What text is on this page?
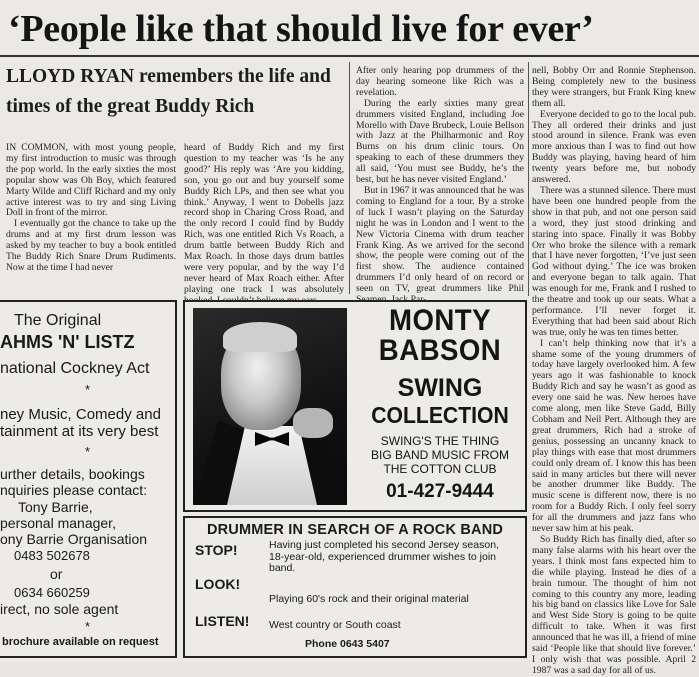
‘People like that should live for ever’
LLOYD RYAN remembers the life and
times of the great Buddy Rich

IN COMMON, with most young people, my first introduction to music was through the pop world. In the early sixties the most popular show was Oh Boy, which featured Marty Wilde and Cliff Richard and my only active interest was to try and sing Living Doll in front of the mirror.

I eventually got the chance to take up the drums and at my first drum lesson was asked by my teacher to buy a book entitled The Buddy Rich Snare Drum Rudiments. Now at the time I had never

heard of Buddy Rich and my first question to my teacher was ‘Is he any good?’ His reply was ‘Are you kidding, son, you go out and buy yourself some Buddy Rich LPs, and then see what you think.’ Anyway, I went to Dobells jazz record shop in Charing Cross Road, and the only record I could find by Buddy Rich, was one entitled Rich Vs Roach, a drum battle between Buddy Rich and Max Roach. In those days drum battles were very popular, and by the way I’d never heard of Max Roach either. After playing one track I was absolutely

After only hearing pop drummers of the day hearing someone like Rich was a revelation.

During the early sixties many great drummers visited England, including Joe Morello with Dave Brubeck, Louie Bellson with Jazz at the Philharmonic and Roy Burns on his drum clinic tours. On speaking to each of these drummers they all said, ‘You must see Buddy, he’s the best, but he has never visited England.’

But in 1967 it was announced that he was coming to England for a tour. By a stroke of luck I wasn’t playing on the Saturday night he was in London and I went to the New Victoria Cinema with drum teacher Frank King. As we arrived for the second show, the people were coming out of the first show. The audience contained drummers I’d only heard of on record or seen on TV, great drummers like Phil

nell, Bobby Orr and Ronnie Stephenson. Being completely new to the business they were strangers, but Frank King knew them all.

Everyone decided to go to the local pub. They all ordered their drinks and just stood around in silence. Frank was even more anxious than I was to find out how Buddy was playing, having heard of him twenty years before me, but nobody answered.

There was a stunned silence. There must have been one hundred people from the show in that pub, and not one person said a word, they just stood drinking and staring into space. Finally it was Bobby Orr who broke the silence with a remark that I have never forgotten, ‘I’ve just seen God without dying.’ The ice was broken and everyone began to talk again. That was enough for me, Frank and I rushed to the theatre and took up our seats. What a performance. I’ll never forget it. Everything that had been said about Rich was true, only he was ten times better.

I can’t help thinking now that it’s a shame some of the young drummers of today have largely overlooked him. A few years ago it was fashionable to knock Buddy Rich and say he wasn’t as good as every one said he was. New heroes have come along, men like Steve Gadd, Billy Cobham and Neil Pert. Although they are great drummers, Rich had a stroke of genius, possessing an uncanny knack to play things with ease that most drummers could only dream of. I know this has been said in many articles but there will never be another drummer like Buddy. The music scene is different now, there is no room for a Buddy Rich. I only feel sorry for all the drummers and jazz fans who never saw him at his peak.

So Buddy Rich has finally died, after so many false alarms with his heart over the years. I think most fans expected him to die while playing. Instead he dies of a brain tumour. The thought of him not coming to this country any more, leading his big band on classics like Love for Sale and West Side Story is going to be quite difficult to take. When it was first announced that he was ill, a friend of mine said ‘People like that should live forever.’ I only wish that was possible. April 2 1987 was a sad day for all of us.

The Original
AHMS 'N' LISTZ
national Cockney Act
*
ney Music, Comedy and
tainment at its very best
*
urther details, bookings
nquiries please contact:
Tony Barrie,
personal manager,
ony Barrie Organisation
0483 502678
or
0634 660259
irect, no sole agent
*
brochure available on request
MONTY
BABSON
SWING
COLLECTION
SWING'S THE THING
BIG BAND MUSIC FROM
THE COTTON CLUB
01-427-9444
DRUMMER IN SEARCH OF A ROCK BAND
STOP!	Having just completed his second Jersey season, 18-year-old, experienced drummer wishes to join band.
LOOK!
Playing 60's rock and their original material
LISTEN! West country or South coast
Phone 0643 5407
